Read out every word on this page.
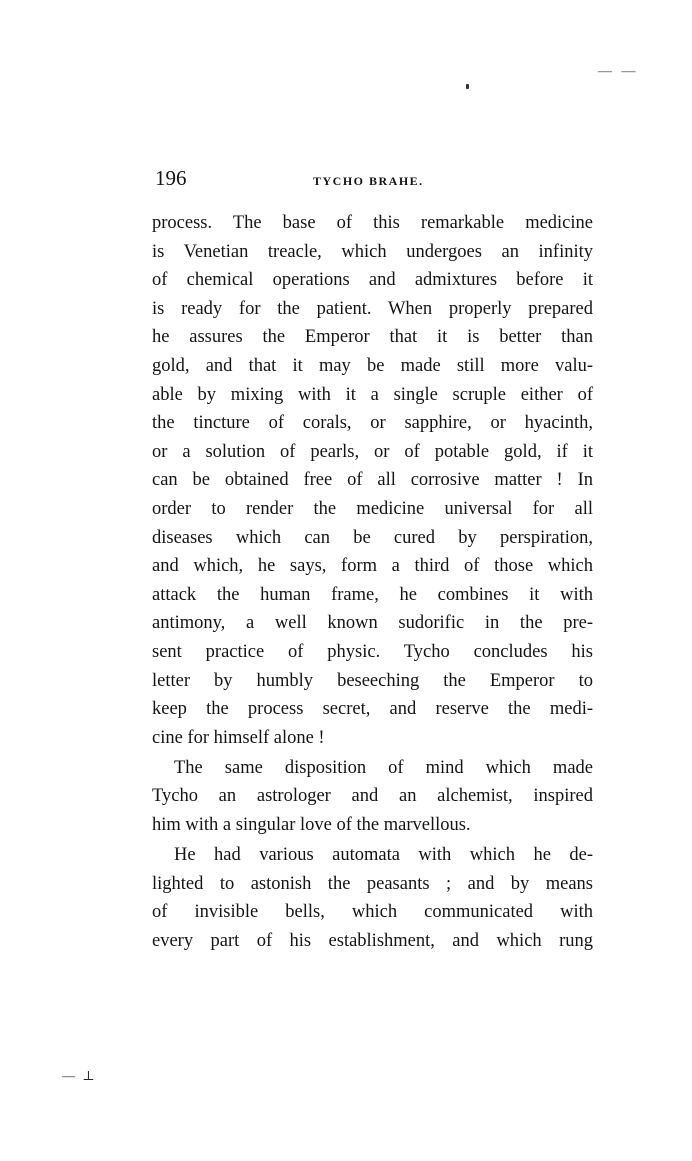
— —
196	TYCHO BRAHE.
process. The base of this remarkable medicine
is Venetian treacle, which undergoes an infinity
of chemical operations and admixtures before it
is ready for the patient. When properly prepared
he assures the Emperor that it is better than
gold, and that it may be made still more valu-
able by mixing with it a single scruple either of
the tincture of corals, or sapphire, or hyacinth,
or a solution of pearls, or of potable gold, if it
can be obtained free of all corrosive matter ! In
order to render the medicine universal for all
diseases which can be cured by perspiration,
and which, he says, form a third of those which
attack the human frame, he combines it with
antimony, a well known sudorific in the pre-
sent practice of physic. Tycho concludes his
letter by humbly beseeching the Emperor to
keep the process secret, and reserve the medi-
cine for himself alone !
The same disposition of mind which made
Tycho an astrologer and an alchemist, inspired
him with a singular love of the marvellous.
He had various automata with which he de-
lighted to astonish the peasants ; and by means
of invisible bells, which communicated with
every part of his establishment, and which rung
— ⊥
